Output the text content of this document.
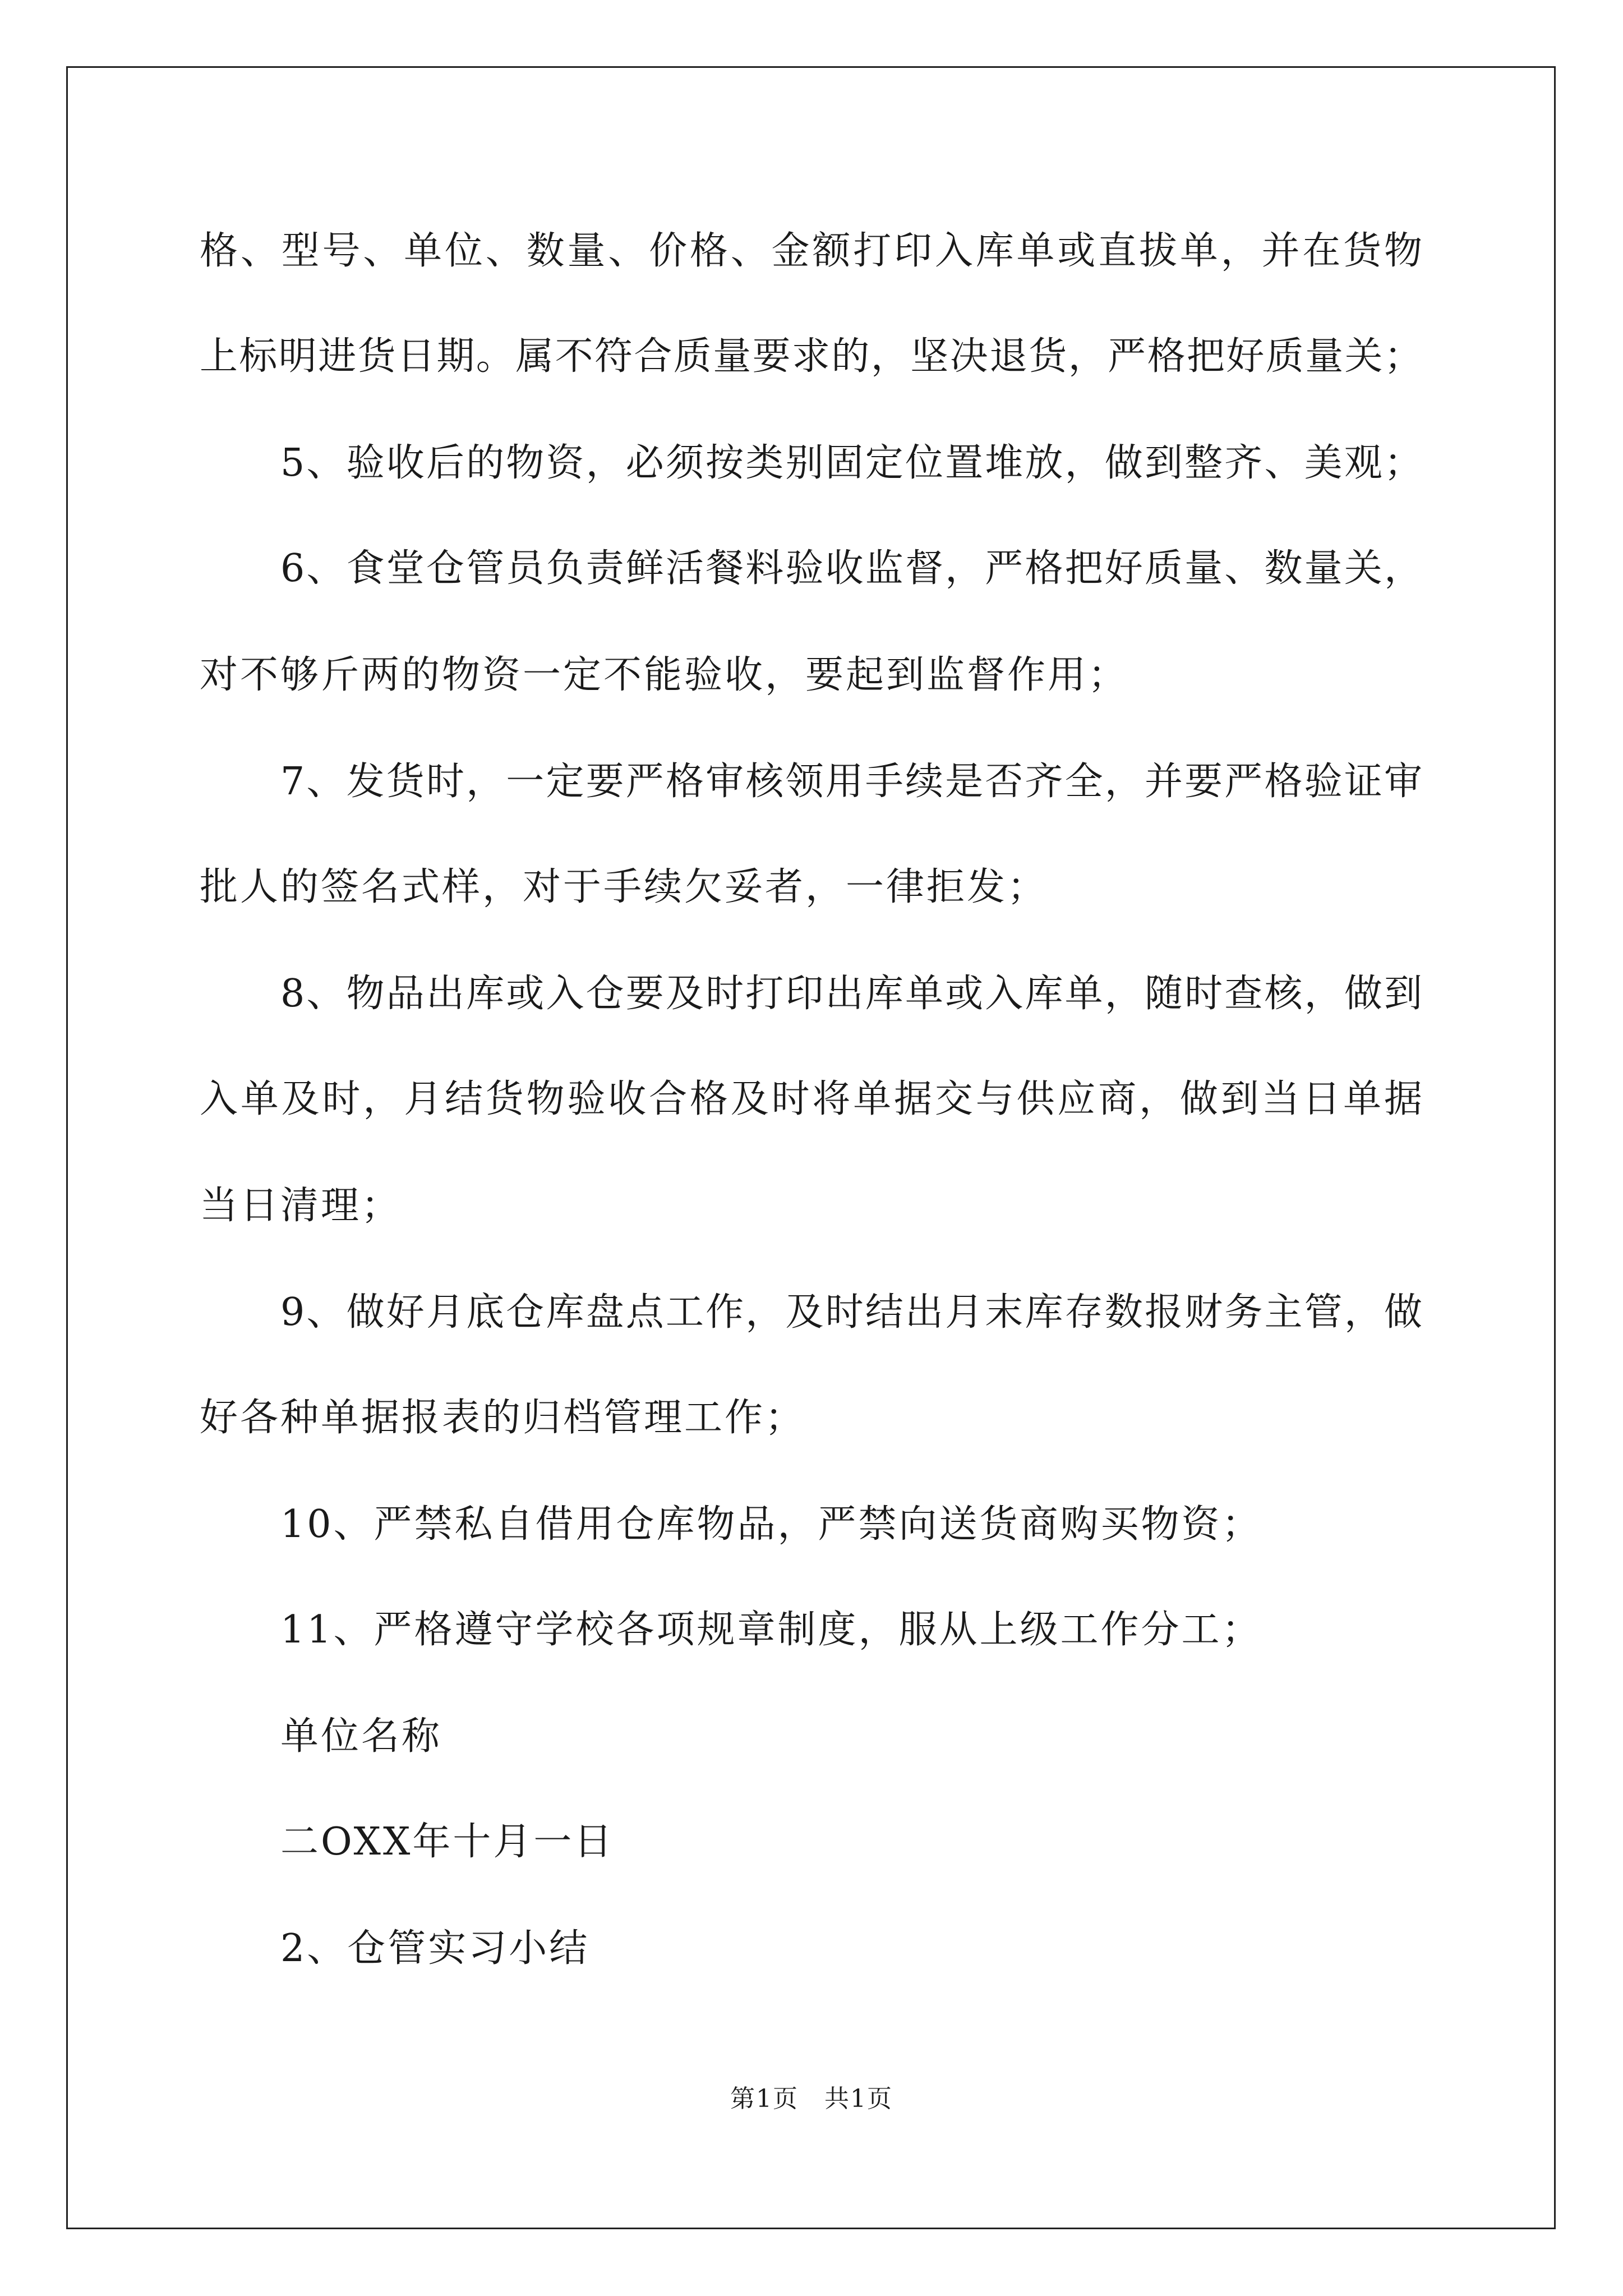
格、型号、单位、数量、价格、金额打印入库单或直拔单，并在货物
上标明进货日期。属不符合质量要求的，坚决退货，严格把好质量关；
5、验收后的物资，必须按类别固定位置堆放，做到整齐、美观；
6、食堂仓管员负责鲜活餐料验收监督，严格把好质量、数量关，
对不够斤两的物资一定不能验收，要起到监督作用；
7、发货时，一定要严格审核领用手续是否齐全，并要严格验证审
批人的签名式样，对于手续欠妥者，一律拒发；
8、物品出库或入仓要及时打印出库单或入库单，随时查核，做到
入单及时，月结货物验收合格及时将单据交与供应商，做到当日单据
当日清理；
9、做好月底仓库盘点工作，及时结出月末库存数报财务主管，做
好各种单据报表的归档管理工作；
10、严禁私自借用仓库物品，严禁向送货商购买物资；
11、严格遵守学校各项规章制度，服从上级工作分工；
单位名称
二OXX年十月一日
2、仓管实习小结
第1页　共1页
